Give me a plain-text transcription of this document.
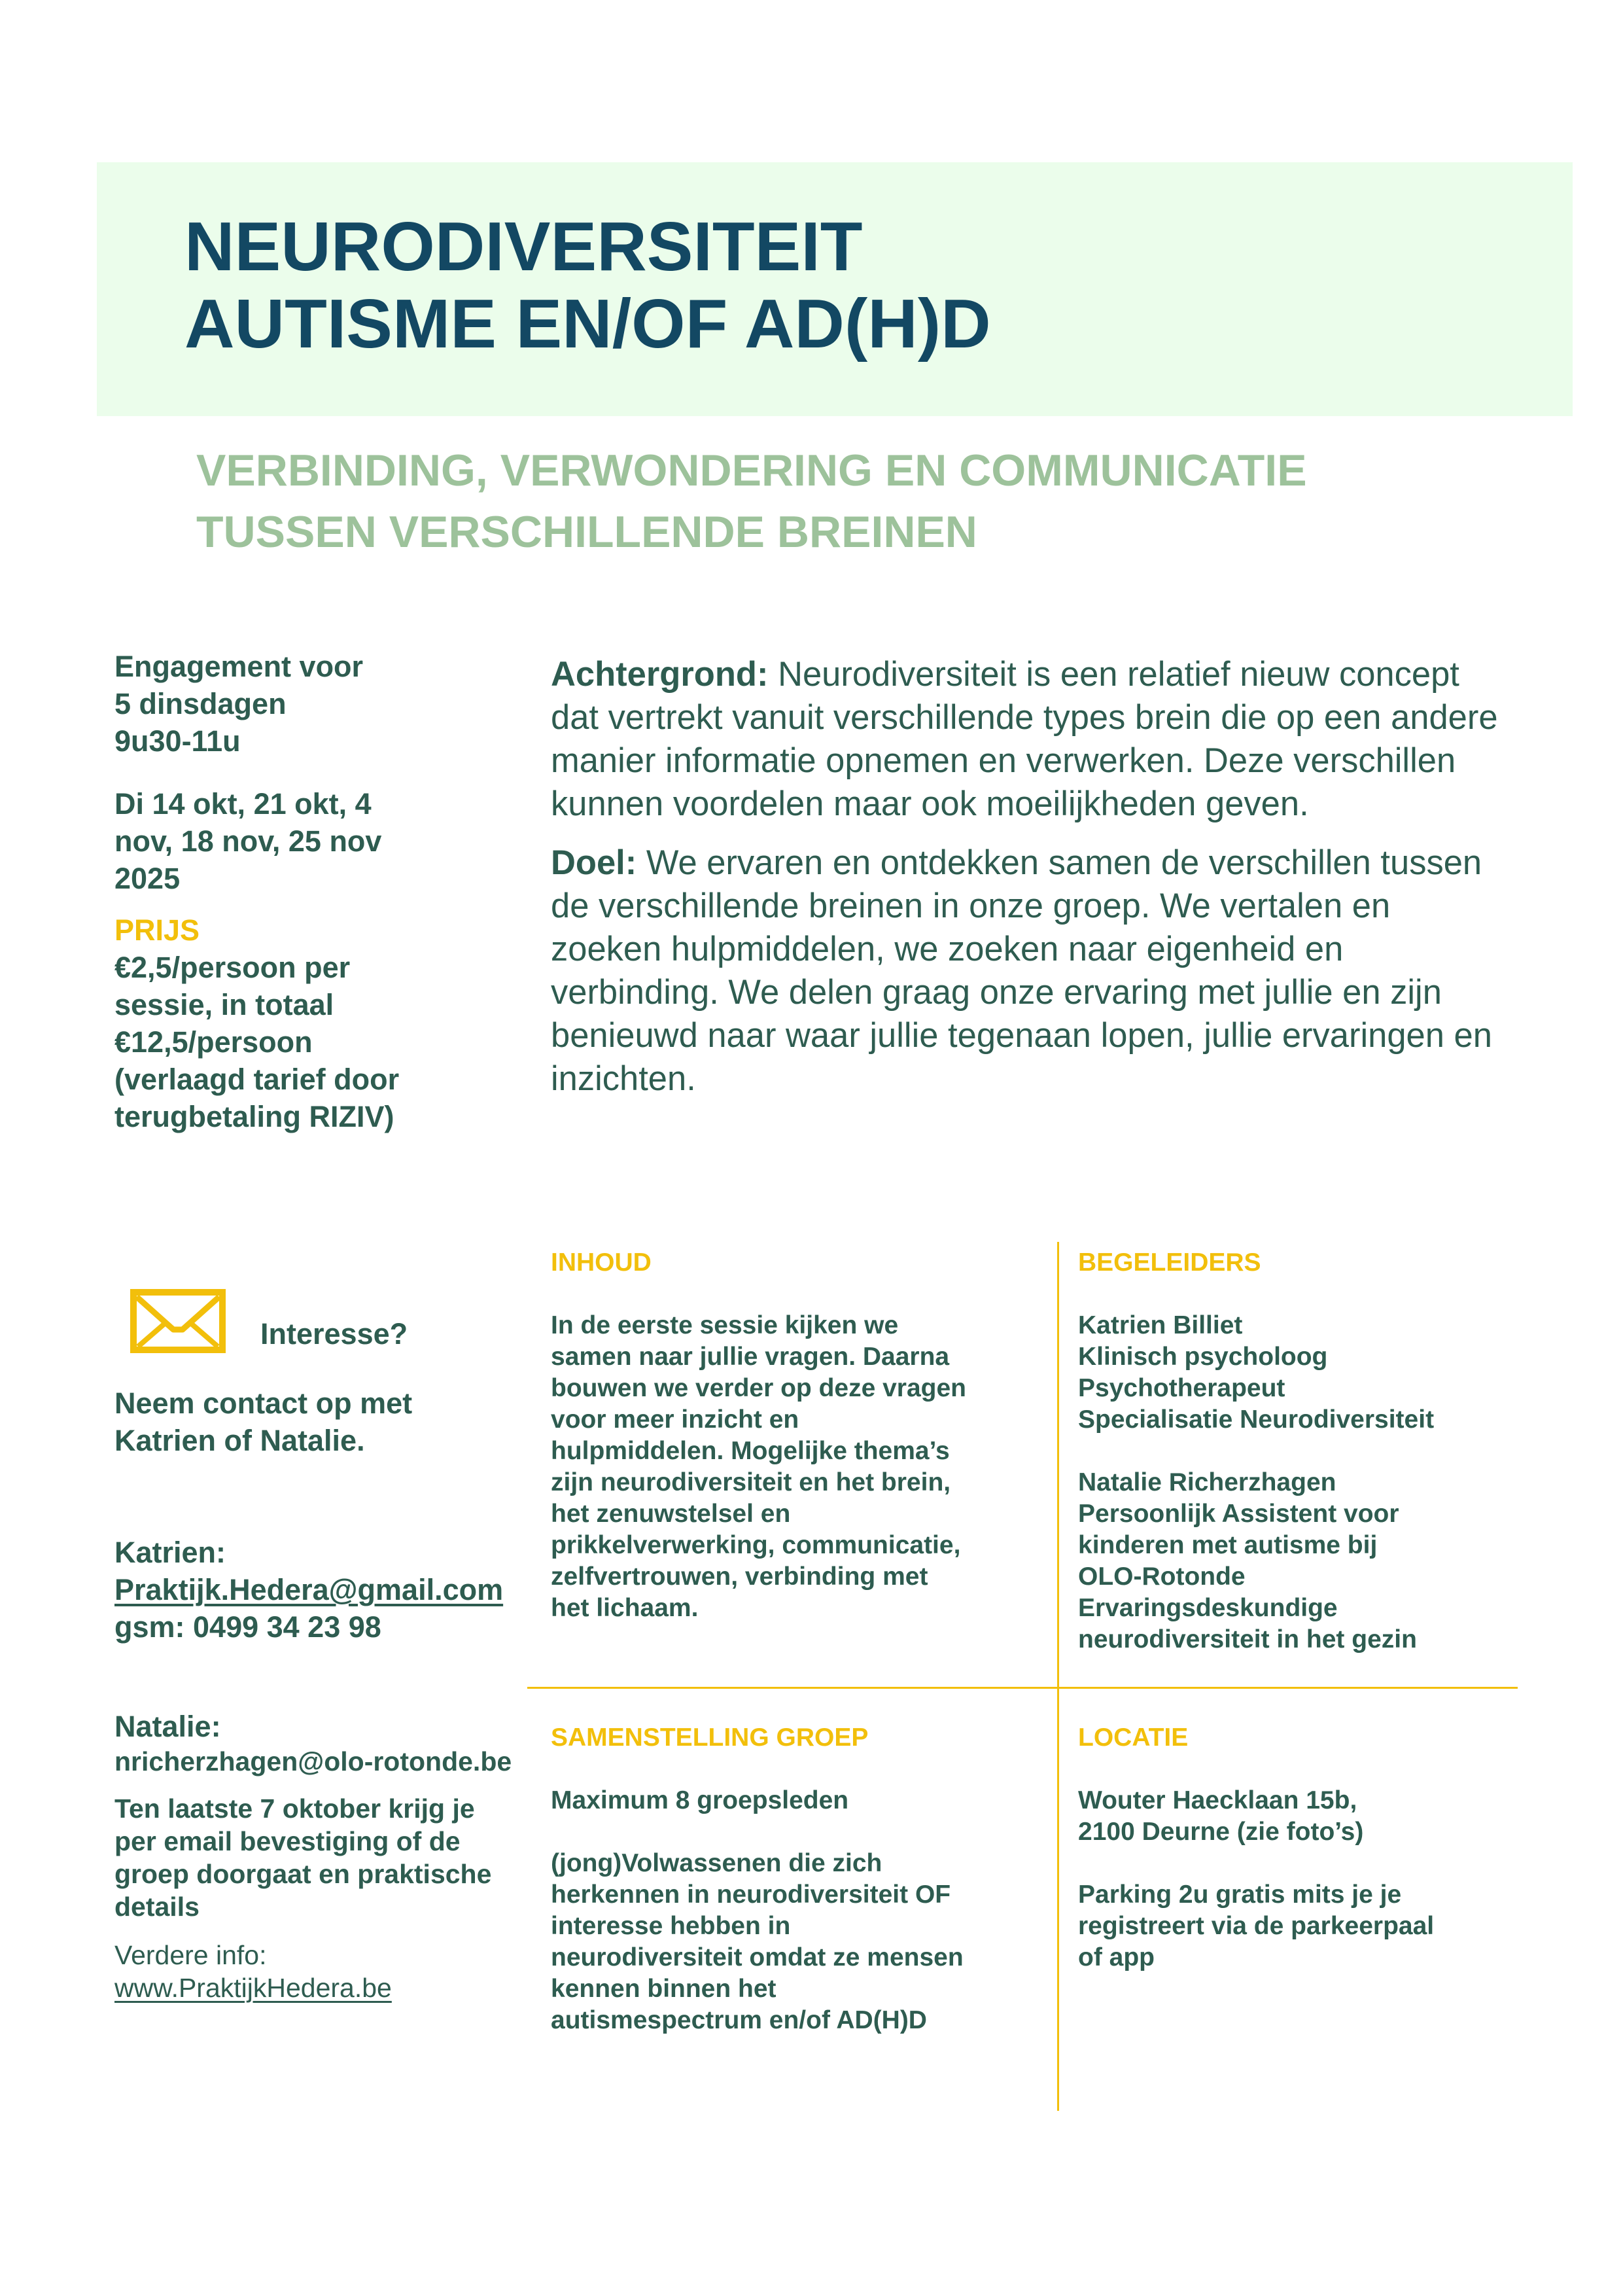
NEURODIVERSITEIT
AUTISME EN/OF AD(H)D
VERBINDING, VERWONDERING EN COMMUNICATIE
TUSSEN VERSCHILLENDE BREINEN

Engagement voor

5 dinsdagen

9u30-11u

Di 14 okt, 21 okt, 4

nov, 18 nov, 25 nov

2025

PRIJS

€2,5/persoon per

sessie, in totaal

€12,5/persoon

(verlaagd tarief door

terugbetaling RIZIV)

Achtergrond: Neurodiversiteit is een relatief nieuw concept dat vertrekt vanuit verschillende types brein die op een andere manier informatie opnemen en verwerken. Deze verschillen kunnen voordelen maar ook moeilijkheden geven.

Doel: We ervaren en ontdekken samen de verschillen tussen de verschillende breinen in onze groep. We vertalen en zoeken hulpmiddelen, we zoeken naar eigenheid en verbinding. We delen graag onze ervaring met jullie en zijn benieuwd naar waar jullie tegenaan lopen, jullie ervaringen en inzichten.

Interesse?

Neem contact op met

Katrien of Natalie.

Katrien:

Praktijk.Hedera@gmail.com

gsm: 0499 34 23 98

Natalie:

nricherzhagen@olo-rotonde.be

Ten laatste 7 oktober krijg je

per email bevestiging of de

groep doorgaat en praktische

details

Verdere info:

www.PraktijkHedera.be

INHOUD

In de eerste sessie kijken we

samen naar jullie vragen. Daarna

bouwen we verder op deze vragen

voor meer inzicht en

hulpmiddelen. Mogelijke thema’s

zijn neurodiversiteit en het brein,

het zenuwstelsel en

prikkelverwerking, communicatie,

zelfvertrouwen, verbinding met

het lichaam.

BEGELEIDERS

Katrien Billiet

Klinisch psycholoog

Psychotherapeut

Specialisatie Neurodiversiteit

Natalie Richerzhagen

Persoonlijk Assistent voor

kinderen met autisme bij

OLO-Rotonde

Ervaringsdeskundige

neurodiversiteit in het gezin

SAMENSTELLING GROEP

Maximum 8 groepsleden

(jong)Volwassenen die zich

herkennen in neurodiversiteit OF

interesse hebben in

neurodiversiteit omdat ze mensen

kennen binnen het

autismespectrum en/of AD(H)D

LOCATIE

Wouter Haecklaan 15b,

2100 Deurne (zie foto’s)

Parking 2u gratis mits je je

registreert via de parkeerpaal

of app
